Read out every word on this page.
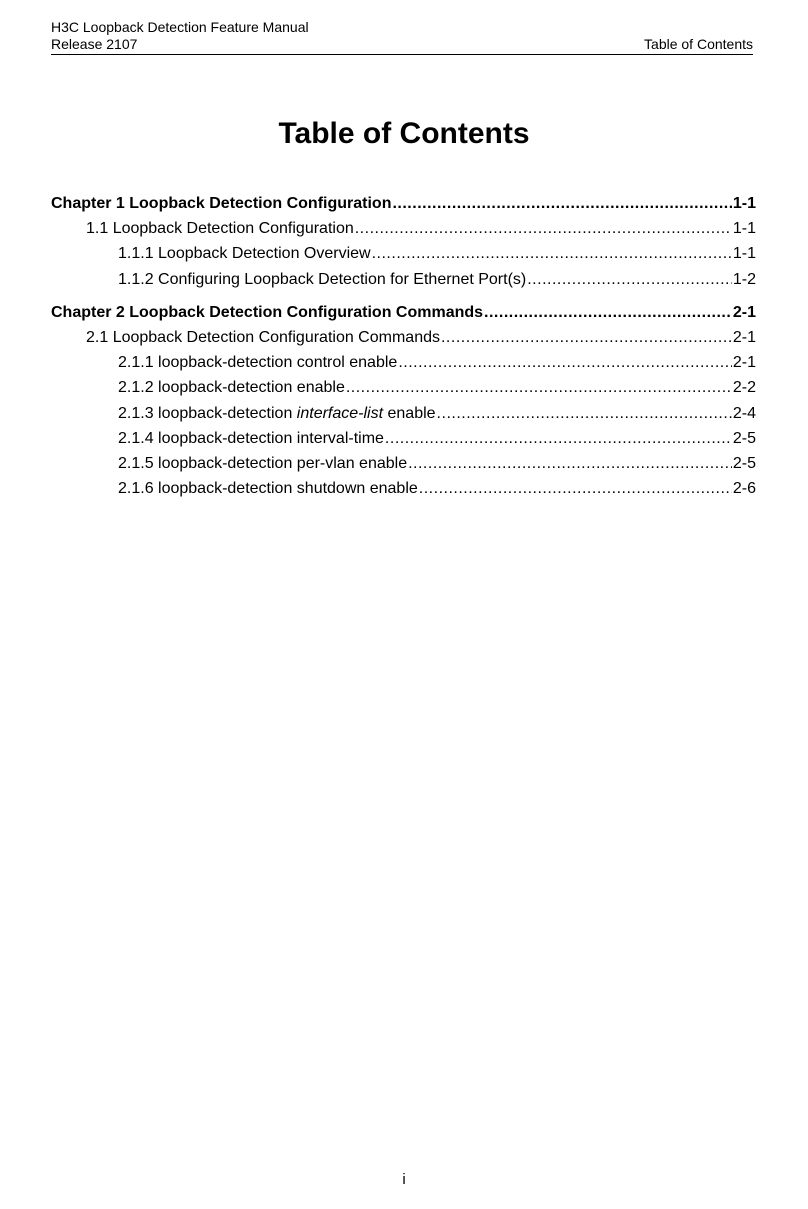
H3C Loopback Detection Feature Manual
Release 2107	Table of Contents
Table of Contents
Chapter 1 Loopback Detection Configuration .....	1-1
1.1 Loopback Detection Configuration .....	1-1
1.1.1 Loopback Detection Overview .....	1-1
1.1.2 Configuring Loopback Detection for Ethernet Port(s) .....	1-2
Chapter 2 Loopback Detection Configuration Commands .....	2-1
2.1 Loopback Detection Configuration Commands .....	2-1
2.1.1 loopback-detection control enable .....	2-1
2.1.2 loopback-detection enable .....	2-2
2.1.3 loopback-detection interface-list enable .....	2-4
2.1.4 loopback-detection interval-time .....	2-5
2.1.5 loopback-detection per-vlan enable .....	2-5
2.1.6 loopback-detection shutdown enable .....	2-6
i
